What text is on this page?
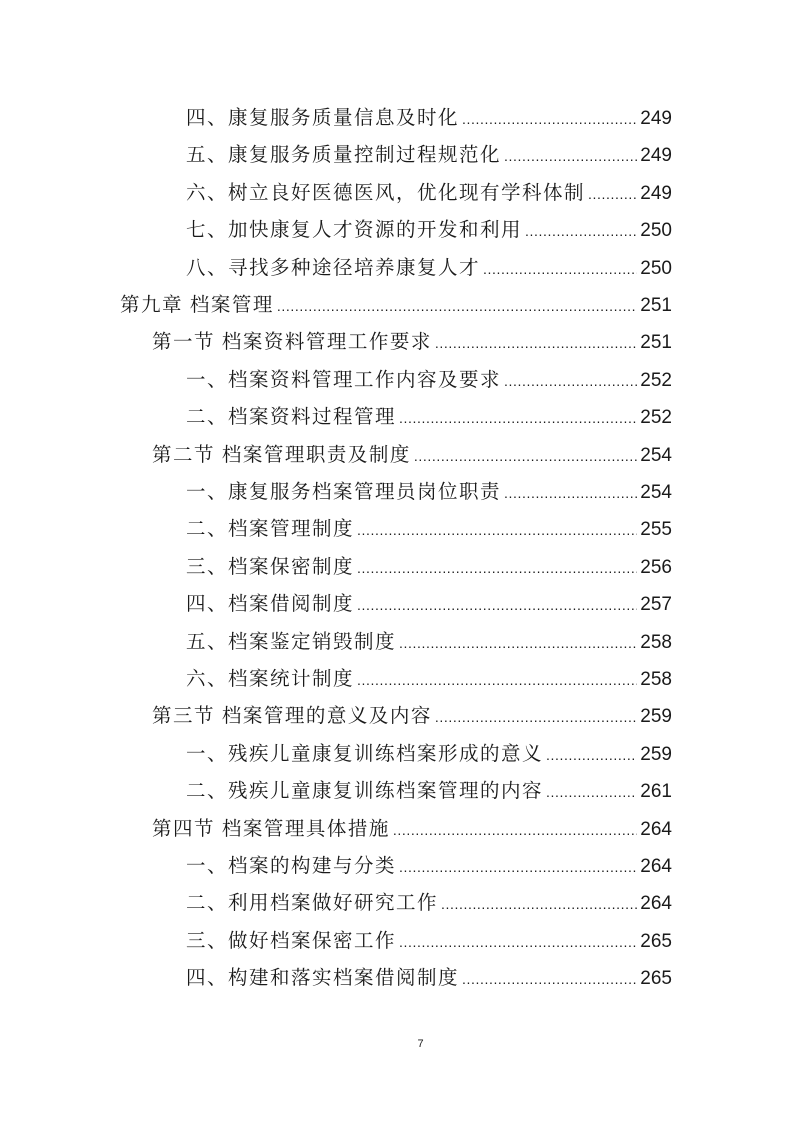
四、康复服务质量信息及时化 .....	249
五、康复服务质量控制过程规范化 .....	249
六、树立良好医德医风，优化现有学科体制 .....	249
七、加快康复人才资源的开发和利用 .....	250
八、寻找多种途径培养康复人才 .....	250
第九章 档案管理 .....	251
第一节 档案资料管理工作要求 .....	251
一、档案资料管理工作内容及要求 .....	252
二、档案资料过程管理 .....	252
第二节 档案管理职责及制度 .....	254
一、康复服务档案管理员岗位职责 .....	254
二、档案管理制度 .....	255
三、档案保密制度 .....	256
四、档案借阅制度 .....	257
五、档案鉴定销毁制度 .....	258
六、档案统计制度 .....	258
第三节 档案管理的意义及内容 .....	259
一、残疾儿童康复训练档案形成的意义 .....	259
二、残疾儿童康复训练档案管理的内容 .....	261
第四节 档案管理具体措施 .....	264
一、档案的构建与分类 .....	264
二、利用档案做好研究工作 .....	264
三、做好档案保密工作 .....	265
四、构建和落实档案借阅制度 .....	265
7
